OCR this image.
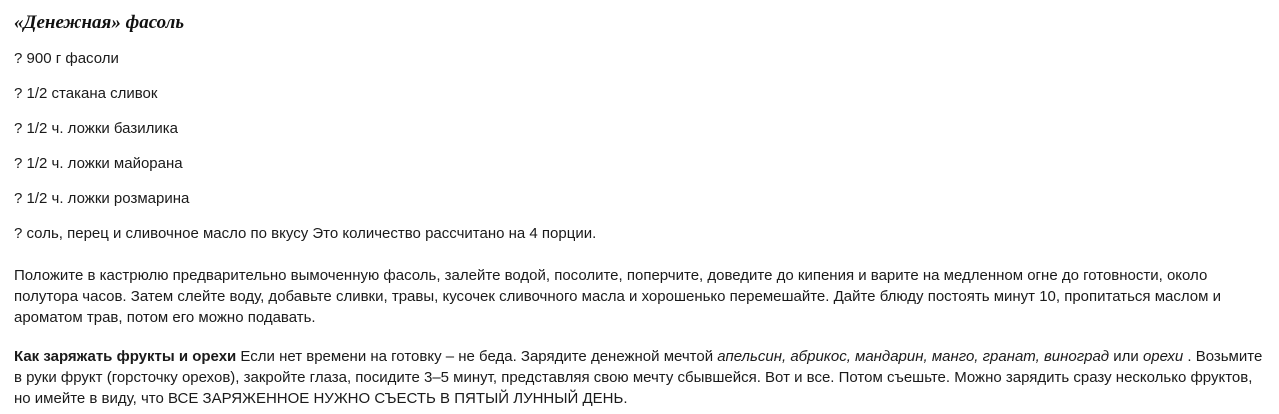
«Денежная» фасоль
? 900 г фасоли
? 1/2 стакана сливок
? 1/2 ч. ложки базилика
? 1/2 ч. ложки майорана
? 1/2 ч. ложки розмарина
? соль, перец и сливочное масло по вкусу Это количество рассчитано на 4 порции.
Положите в кастрюлю предварительно вымоченную фасоль, залейте водой, посолите, поперчите, доведите до кипения и варите на медленном огне до готовности, около полутора часов. Затем слейте воду, добавьте сливки, травы, кусочек сливочного масла и хорошенько перемешайте. Дайте блюду постоять минут 10, пропитаться маслом и ароматом трав, потом его можно подавать.
Как заряжать фрукты и орехи Если нет времени на готовку – не беда. Зарядите денежной мечтой апельсин, абрикос, мандарин, манго, гранат, виноград или орехи . Возьмите в руки фрукт (горсточку орехов), закройте глаза, посидите 3–5 минут, представляя свою мечту сбывшейся. Вот и все. Потом съешьте. Можно зарядить сразу несколько фруктов, но имейте в виду, что ВСЕ ЗАРЯЖЕННОЕ НУЖНО СЪЕСТЬ В ПЯТЫЙ ЛУННЫЙ ДЕНЬ.
